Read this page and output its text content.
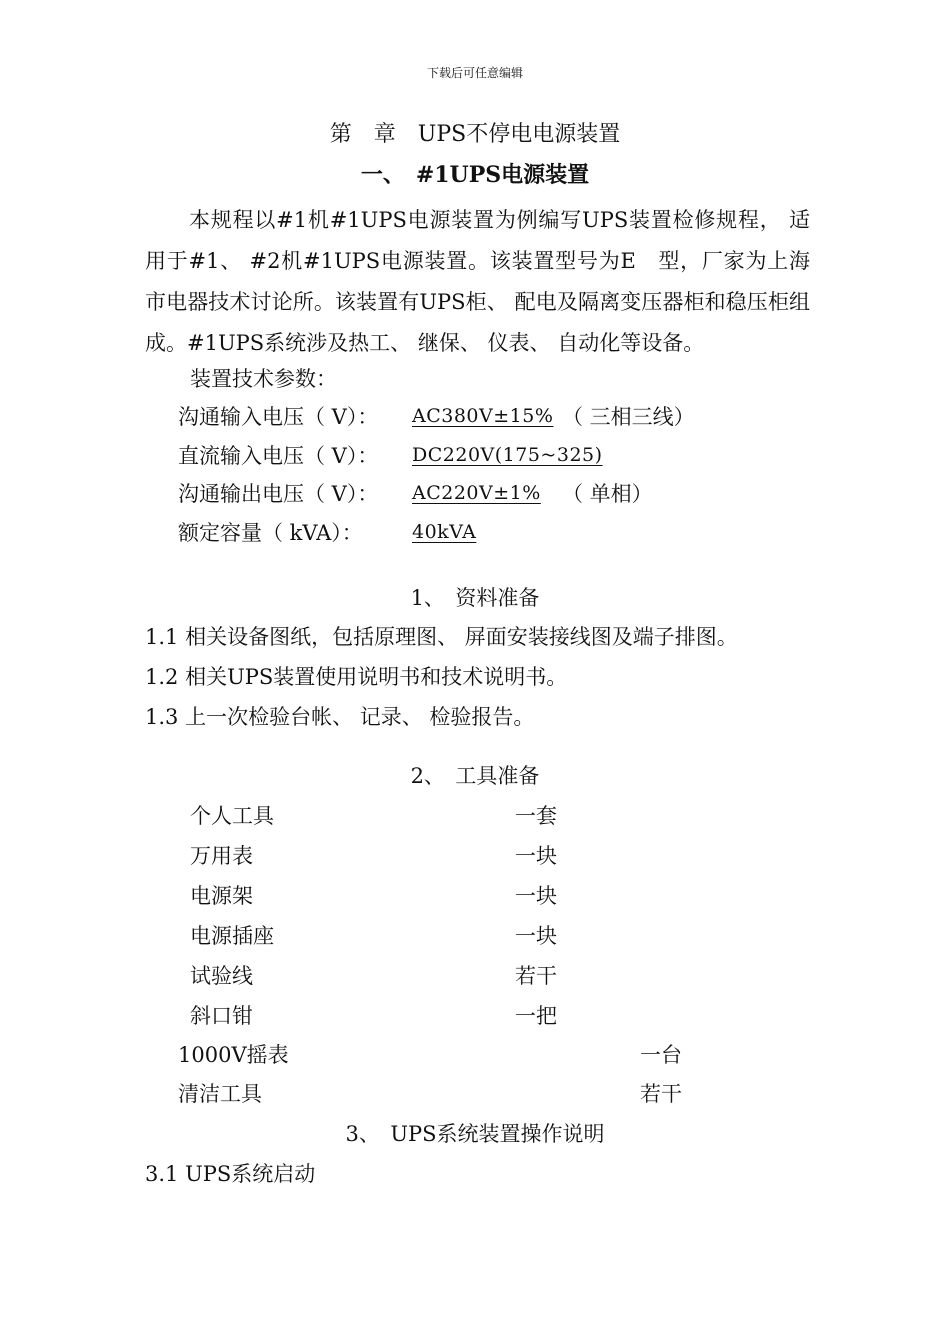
下载后可任意编辑
第　章　UPS不停电电源装置
一、　#1UPS电源装置
本规程以#1机#1UPS电源装置为例编写UPS装置检修规程， 适用于#1、 #2机#1UPS电源装置。该装置型号为E　型，厂家为上海市电器技术讨论所。该装置有UPS柜、 配电及隔离变压器柜和稳压柜组成。#1UPS系统涉及热工、 继保、 仪表、 自动化等设备。
装置技术参数：
沟通输入电压（ V）： AC380V±15% （ 三相三线）
直流输入电压（ V）： DC220V(175~325)
沟通输出电压（ V）： AC220V±1% （ 单相）
额定容量（ kVA）：	40kVA
1、　资料准备
1.1 相关设备图纸，包括原理图、 屏面安装接线图及端子排图。
1.2 相关UPS装置使用说明书和技术说明书。
1.3 上一次检验台帐、 记录、 检验报告。
2、　工具准备
个人工具	一套
万用表	一块
电源架	一块
电源插座	一块
试验线	若干
斜口钳	一把
1000V摇表	一台
清洁工具	若干
3、　UPS系统装置操作说明
3.1 UPS系统启动
